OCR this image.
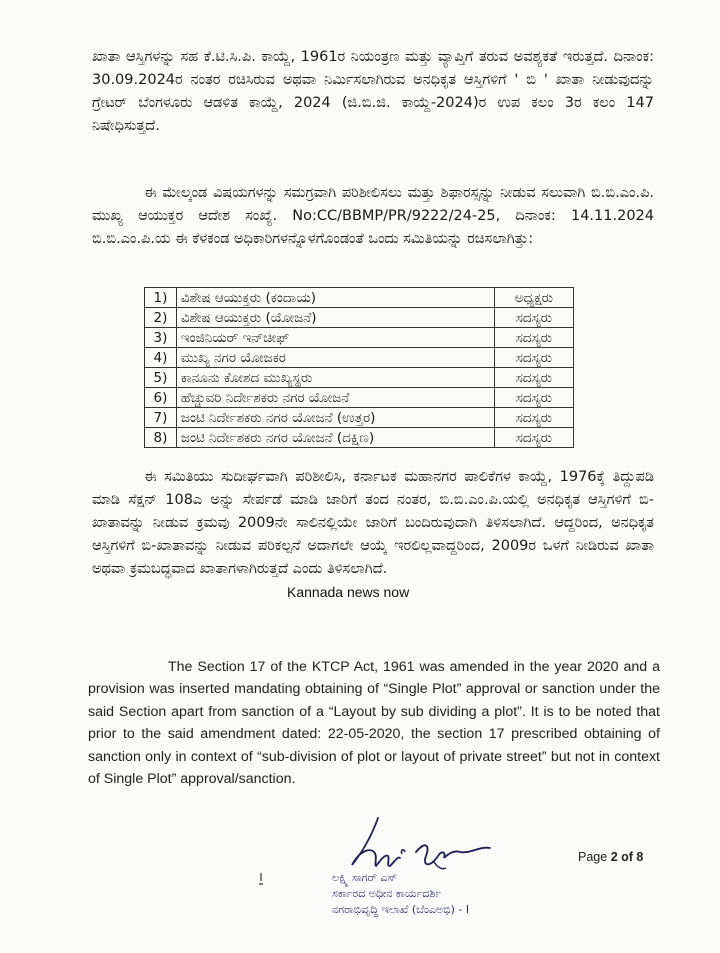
ಖಾತಾ ಆಸ್ತಿಗಳನ್ನು ಸಹ ಕೆ.ಟಿ.ಸಿ.ಪಿ. ಕಾಯ್ದೆ, 1961ರ ನಿಯಂತ್ರಣ ಮತ್ತು ವ್ಯಾಪ್ತಿಗೆ ತರುವ ಅವಶ್ಯಕತೆ ಇರುತ್ತದೆ. ದಿನಾಂಕ: 30.09.2024ರ ನಂತರ ರಚಿಸಿರುವ ಅಥವಾ ನಿರ್ಮಿಸಲಾಗಿರುವ ಅನಧಿಕೃತ ಆಸ್ತಿಗಳಿಗೆ ' ಬಿ ' ಖಾತಾ ನೀಡುವುದನ್ನು ಗ್ರೇಟರ್ ಬೆಂಗಳೂರು ಆಡಳಿತ ಕಾಯ್ದೆ, 2024 (ಜಿ.ಬಿ.ಜಿ. ಕಾಯ್ದೆ-2024)ರ ಉಪ ಕಲಂ 3ರ ಕಲಂ 147 ನಿಷೇಧಿಸುತ್ತದೆ.
ಈ ಮೇಲ್ಕಂಡ ವಿಷಯಗಳನ್ನು ಸಮಗ್ರವಾಗಿ ಪರಿಶೀಲಿಸಲು ಮತ್ತು ಶಿಫಾರಸ್ಸನ್ನು ನೀಡುವ ಸಲುವಾಗಿ ಬಿ.ಬಿ.ಎಂ.ಪಿ. ಮುಖ್ಯ ಆಯುಕ್ತರ ಆದೇಶ ಸಂಖ್ಯೆ. No:CC/BBMP/PR/9222/24-25, ದಿನಾಂಕ: 14.11.2024 ಬಿ.ಬಿ.ಎಂ.ಪಿ.ಯ ಈ ಕೆಳಕಂಡ ಅಧಿಕಾರಿಗಳನ್ನೊಳಗೊಂಡಂತೆ ಒಂದು ಸಮಿತಿಯನ್ನು ರಚಿಸಲಾಗಿತ್ತು:
1)	ವಿಶೇಷ ಆಯುಕ್ತರು (ಕಂದಾಯ)	ಅಧ್ಯಕ್ಷರು
2)	ವಿಶೇಷ ಆಯುಕ್ತರು (ಯೋಜನೆ)	ಸದಸ್ಯರು
3)	ಇಂಜಿನಿಯರ್ ಇನ್‌ಚೀಫ್	ಸದಸ್ಯರು
4)	ಮುಖ್ಯ ನಗರ ಯೋಜಕರ	ಸದಸ್ಯರು
5)	ಕಾನೂನು ಕೋಶದ ಮುಖ್ಯಸ್ಥರು	ಸದಸ್ಯರು
6)	ಹೆಚ್ಚುವರಿ ನಿರ್ದೇಶಕರು ನಗರ ಯೋಜನೆ	ಸದಸ್ಯರು
7)	ಜಂಟಿ ನಿರ್ದೇಶಕರು ನಗರ ಯೋಜನೆ (ಉತ್ತರ)	ಸದಸ್ಯರು
8)	ಜಂಟಿ ನಿರ್ದೇಶಕರು ನಗರ ಯೋಜನೆ (ದಕ್ಷಿಣ)	ಸದಸ್ಯರು
ಈ ಸಮಿತಿಯು ಸುದೀರ್ಘವಾಗಿ ಪರಿಶೀಲಿಸಿ, ಕರ್ನಾಟಕ ಮಹಾನಗರ ಪಾಲಿಕೆಗಳ ಕಾಯ್ದೆ, 1976ಕ್ಕೆ ತಿದ್ದುಪಡಿ ಮಾಡಿ ಸೆಕ್ಷನ್ 108ಎ ಅನ್ನು ಸೇರ್ಪಡೆ ಮಾಡಿ ಜಾರಿಗೆ ತಂದ ನಂತರ, ಬಿ.ಬಿ.ಎಂ.ಪಿ.ಯಲ್ಲಿ ಅನಧಿಕೃತ ಆಸ್ತಿಗಳಿಗೆ ಬಿ-ಖಾತಾವನ್ನು ನೀಡುವ ಕ್ರಮವು 2009ನೇ ಸಾಲಿನಲ್ಲಿಯೇ ಜಾರಿಗೆ ಬಂದಿರುವುದಾಗಿ ತಿಳಿಸಲಾಗಿದೆ. ಆದ್ದರಿಂದ, ಅನಧಿಕೃತ ಆಸ್ತಿಗಳಿಗೆ ಬಿ-ಖಾತಾವನ್ನು ನೀಡುವ ಪರಿಕಲ್ಪನೆ ಅದಾಗಲೇ ಆಯ್ಕೆ ಇರಲಿಲ್ಲವಾದ್ದರಿಂದ, 2009ರ ಒಳಗೆ ನೀಡಿರುವ ಖಾತಾ ಅಥವಾ ಕ್ರಮಬದ್ಧವಾದ ಖಾತಾಗಳಾಗಿರುತ್ತದೆ ಎಂದು ತಿಳಿಸಲಾಗಿದೆ.
Kannada news now
The Section 17 of the KTCP Act, 1961 was amended in the year 2020 and a provision was inserted mandating obtaining of “Single Plot” approval or sanction under the said Section apart from sanction of a “Layout by sub dividing a plot”. It is to be noted that prior to the said amendment dated: 22-05-2020, the section 17 prescribed obtaining of sanction only in context of “sub-division of plot or layout of private street” but not in context of Single Plot” approval/sanction.
ಲಕ್ಷ್ಮಿ ಸಾಗರ್ ಎಸ್
ಸರ್ಕಾರದ ಅಧೀನ ಕಾರ್ಯದರ್ಶಿ
ನಗರಾಭಿವೃದ್ಧಿ ಇಲಾಖೆ (ಬೆಂಎಅಭಿ) - I
Page 2 of 8
